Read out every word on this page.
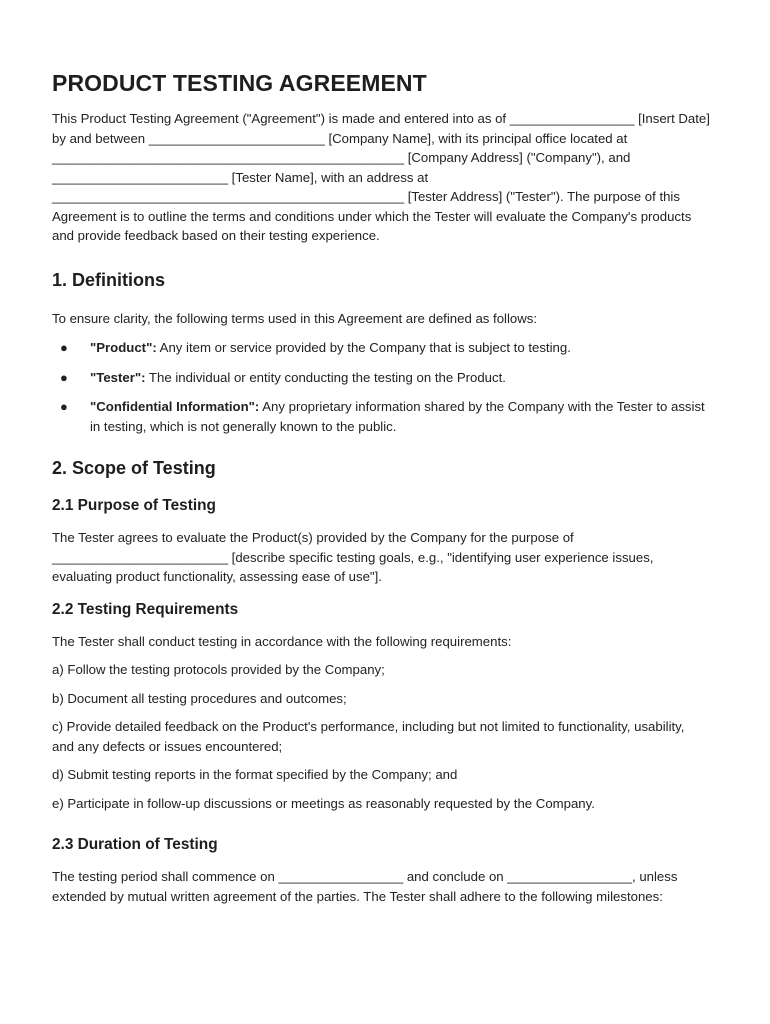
PRODUCT TESTING AGREEMENT

This Product Testing Agreement ("Agreement") is made and entered into as of _________________ [Insert Date] by and between ________________________ [Company Name], with its principal office located at ________________________________________________ [Company Address] ("Company"), and ________________________ [Tester Name], with an address at ________________________________________________ [Tester Address] ("Tester"). The purpose of this Agreement is to outline the terms and conditions under which the Tester will evaluate the Company's products and provide feedback based on their testing experience.

1. Definitions

To ensure clarity, the following terms used in this Agreement are defined as follows:

● "Product": Any item or service provided by the Company that is subject to testing.
● "Tester": The individual or entity conducting the testing on the Product.
● "Confidential Information": Any proprietary information shared by the Company with the Tester to assist in testing, which is not generally known to the public.
2. Scope of Testing
2.1 Purpose of Testing

The Tester agrees to evaluate the Product(s) provided by the Company for the purpose of ________________________ [describe specific testing goals, e.g., "identifying user experience issues, evaluating product functionality, assessing ease of use"].

2.2 Testing Requirements

The Tester shall conduct testing in accordance with the following requirements:

a) Follow the testing protocols provided by the Company;

b) Document all testing procedures and outcomes;

c) Provide detailed feedback on the Product's performance, including but not limited to functionality, usability, and any defects or issues encountered;

d) Submit testing reports in the format specified by the Company; and

e) Participate in follow-up discussions or meetings as reasonably requested by the Company.

2.3 Duration of Testing

The testing period shall commence on _________________ and conclude on _________________, unless extended by mutual written agreement of the parties. The Tester shall adhere to the following milestones:
